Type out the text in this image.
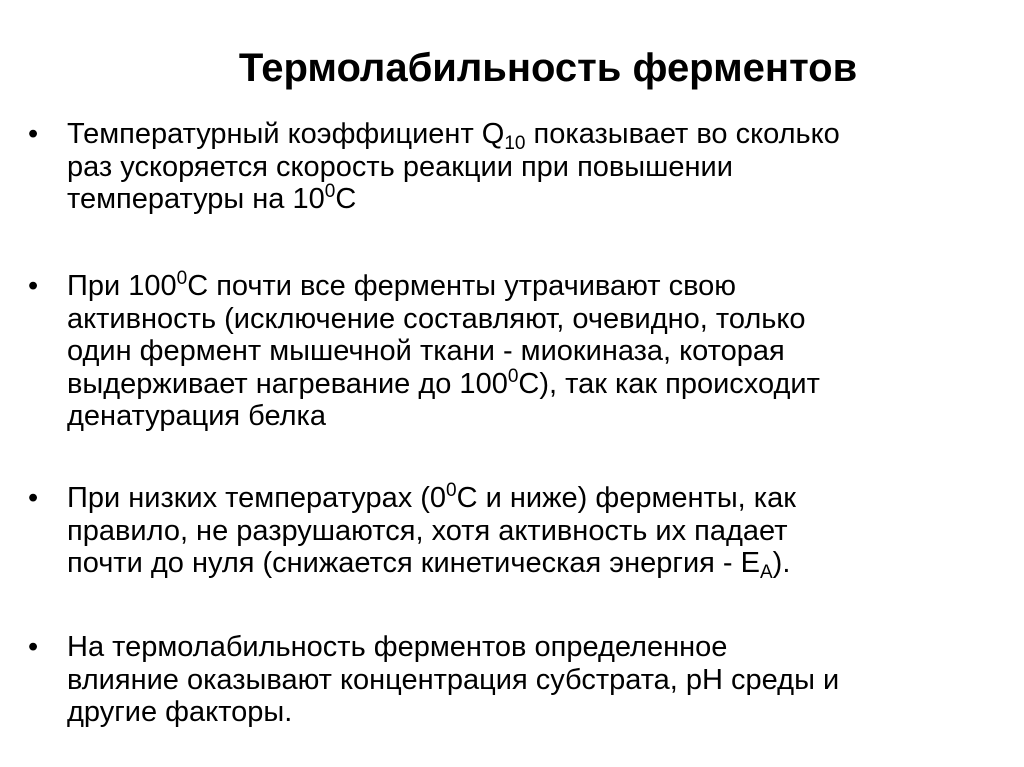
Термолабильность ферментов
• Температурный коэффициент $Q_{10}$ показывает во сколько
раз ускоряется скорость реакции при повышении
температуры на $10^0С$
• При $100^0С$ почти все ферменты утрачивают свою
активность (исключение составляют, очевидно, только
один фермент мышечной ткани - миокиназа, которая
выдерживает нагревание до $100^0С$), так как происходит
денатурация белка
• При низких температурах ($0^0С$ и ниже) ферменты, как
правило, не разрушаются, хотя активность их падает
почти до нуля (снижается кинетическая энергия - $Е_А$).
• На термолабильность ферментов определенное
влияние оказывают концентрация субстрата, рН среды и
другие факторы.
